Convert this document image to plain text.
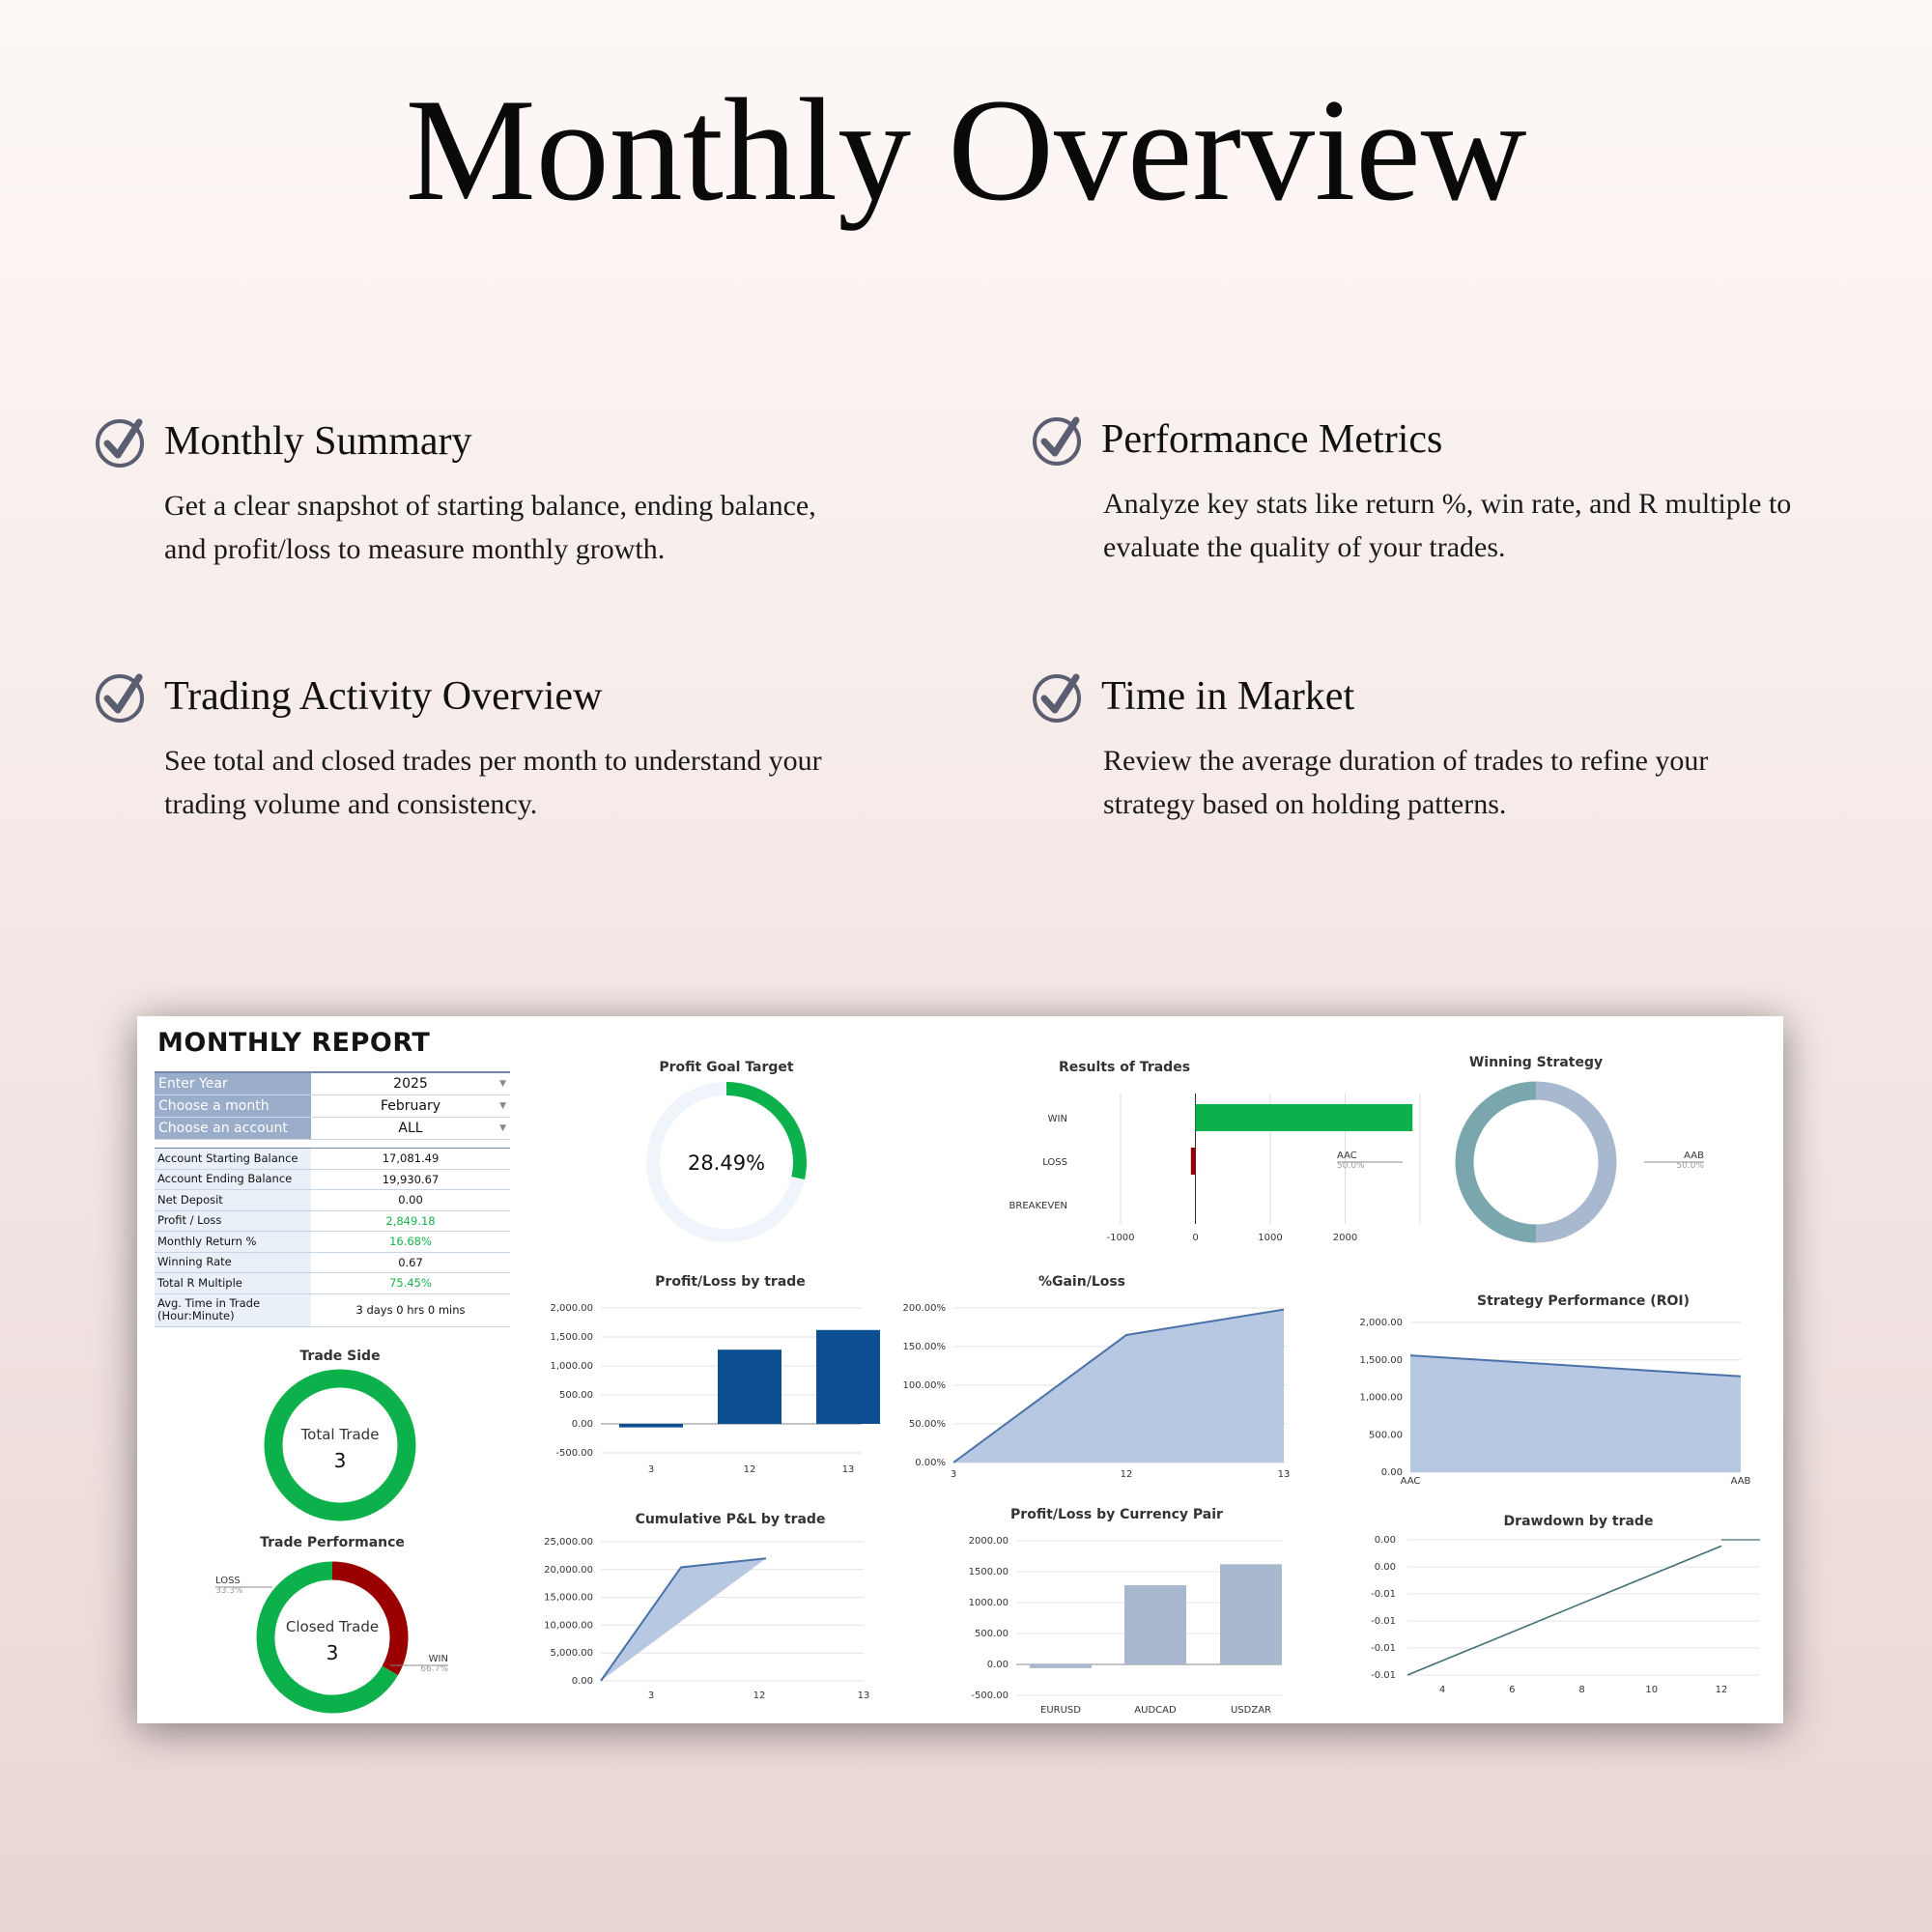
Monthly Overview
Monthly Summary
Get a clear snapshot of starting balance, ending balance,
and profit/loss to measure monthly growth.
Performance Metrics
Analyze key stats like return %, win rate, and R multiple to
evaluate the quality of your trades.
Trading Activity Overview
See total and closed trades per month to understand your
trading volume and consistency.
Time in Market
Review the average duration of trades to refine your
strategy based on holding patterns.
MONTHLY REPORT
Enter Year	2025	▼
Choose a month	February	▼
Choose an account	ALL	▼
Account Starting Balance	17,081.49
Account Ending Balance	19,930.67
Net Deposit	0.00
Profit / Loss	2,849.18
Monthly Return %	16.68%
Winning Rate	0.67
Total R Multiple	75.45%
Avg. Time in Trade (Hour:Minute)	3 days 0 hrs 0 mins
Trade Side
Total Trade
3
Trade Performance
Closed Trade
3
LOSS
33.3%
WIN
66.7%
Profit Goal Target
28.49%
Results of Trades
-1000	0	1000	2000
WIN
LOSS
BREAKEVEN
Winning Strategy
AAC
50.0%
AAB
50.0%
Profit/Loss by trade
2,000.00
1,500.00
1,000.00
500.00
0.00
-500.00
3	12	13
%Gain/Loss
200.00%
150.00%
100.00%
50.00%
0.00%
3	12	13
Strategy Performance (ROI)
2,000.00
1,500.00
1,000.00
500.00
0.00
AAC	AAB
Cumulative P&L by trade
25,000.00
20,000.00
15,000.00
10,000.00
5,000.00
0.00
3	12	13
Profit/Loss by Currency Pair
2000.00
1500.00
1000.00
500.00
0.00
-500.00
EURUSD	AUDCAD	USDZAR
Drawdown by trade
0.00
0.00
-0.01
-0.01
-0.01
-0.01
4	6	8	10	12
